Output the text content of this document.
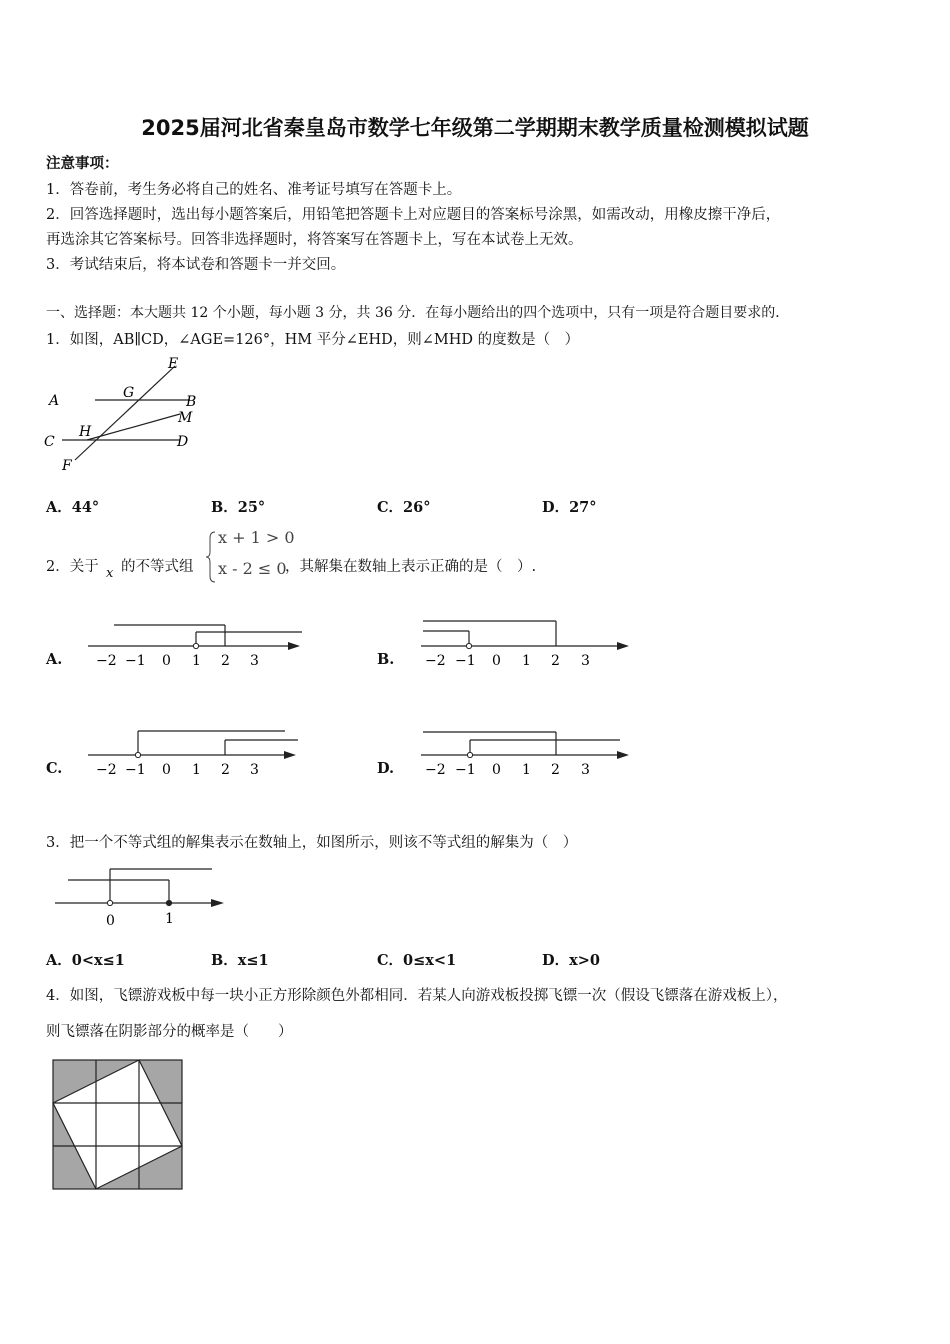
2025届河北省秦皇岛市数学七年级第二学期期末教学质量检测模拟试题
注意事项：
1．答卷前，考生务必将自己的姓名、准考证号填写在答题卡上。
2．回答选择题时，选出每小题答案后，用铅笔把答题卡上对应题目的答案标号涂黑，如需改动，用橡皮擦干净后，
再选涂其它答案标号。回答非选择题时，将答案写在答题卡上，写在本试卷上无效。
3．考试结束后，将本试卷和答题卡一并交回。
一、选择题：本大题共 12 个小题，每小题 3 分，共 36 分．在每小题给出的四个选项中，只有一项是符合题目要求的．
1．如图，AB∥CD，∠AGE=126°，HM 平分∠EHD，则∠MHD 的度数是（　）
E
G
A	B
M
C
H
D
F
A．44°	B．25°	C．26°	D．27°
2．关于 x 的不等式组
x + 1 > 0
x - 2 ≤ 0
，其解集在数轴上表示正确的是（　）.
A. −2 −1 0 1 2 3	B. −2 −1 0 1 2 3
C. −2 −1 0 1 2 3	D. −2 −1 0 1 2 3
3．把一个不等式组的解集表示在数轴上，如图所示，则该不等式组的解集为（　）
0	1
A．0<x≤1	B．x≤1	C．0≤x<1	D．x>0
4．如图，飞镖游戏板中每一块小正方形除颜色外都相同．若某人向游戏板投掷飞镖一次（假设飞镖落在游戏板上），
则飞镖落在阴影部分的概率是（　　）
